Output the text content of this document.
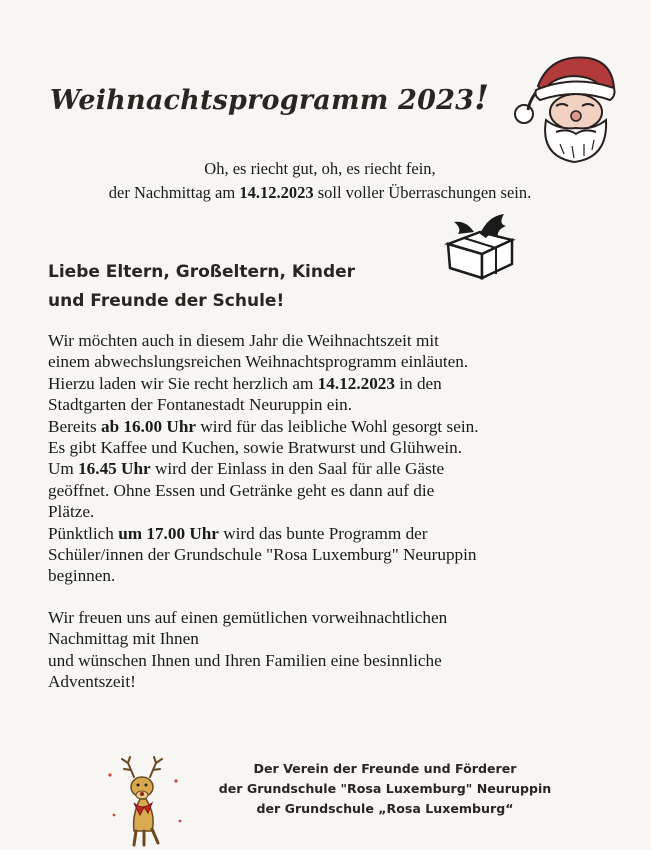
Weihnachtsprogramm 2023!

Oh, es riecht gut, oh, es riecht fein,

der Nachmittag am 14.12.2023 soll voller Überraschungen sein.

Liebe Eltern, Großeltern, Kinder
und Freunde der Schule!

Wir möchten auch in diesem Jahr die Weihnachtszeit mit

einem abwechslungsreichen Weihnachtsprogramm einläuten.

Hierzu laden wir Sie recht herzlich am 14.12.2023 in den

Stadtgarten der Fontanestadt Neuruppin ein.

Bereits ab 16.00 Uhr wird für das leibliche Wohl gesorgt sein.

Es gibt Kaffee und Kuchen, sowie Bratwurst und Glühwein.

Um 16.45 Uhr wird der Einlass in den Saal für alle Gäste

geöffnet. Ohne Essen und Getränke geht es dann auf die

Plätze.

Pünktlich um 17.00 Uhr wird das bunte Programm der

Schüler/innen der Grundschule "Rosa Luxemburg" Neuruppin

beginnen.

Wir freuen uns auf einen gemütlichen vorweihnachtlichen

Nachmittag mit Ihnen

und wünschen Ihnen und Ihren Familien eine besinnliche

Adventszeit!

Der Verein der Freunde und Förderer

der Grundschule "Rosa Luxemburg" Neuruppin

der Grundschule „Rosa Luxemburg“
